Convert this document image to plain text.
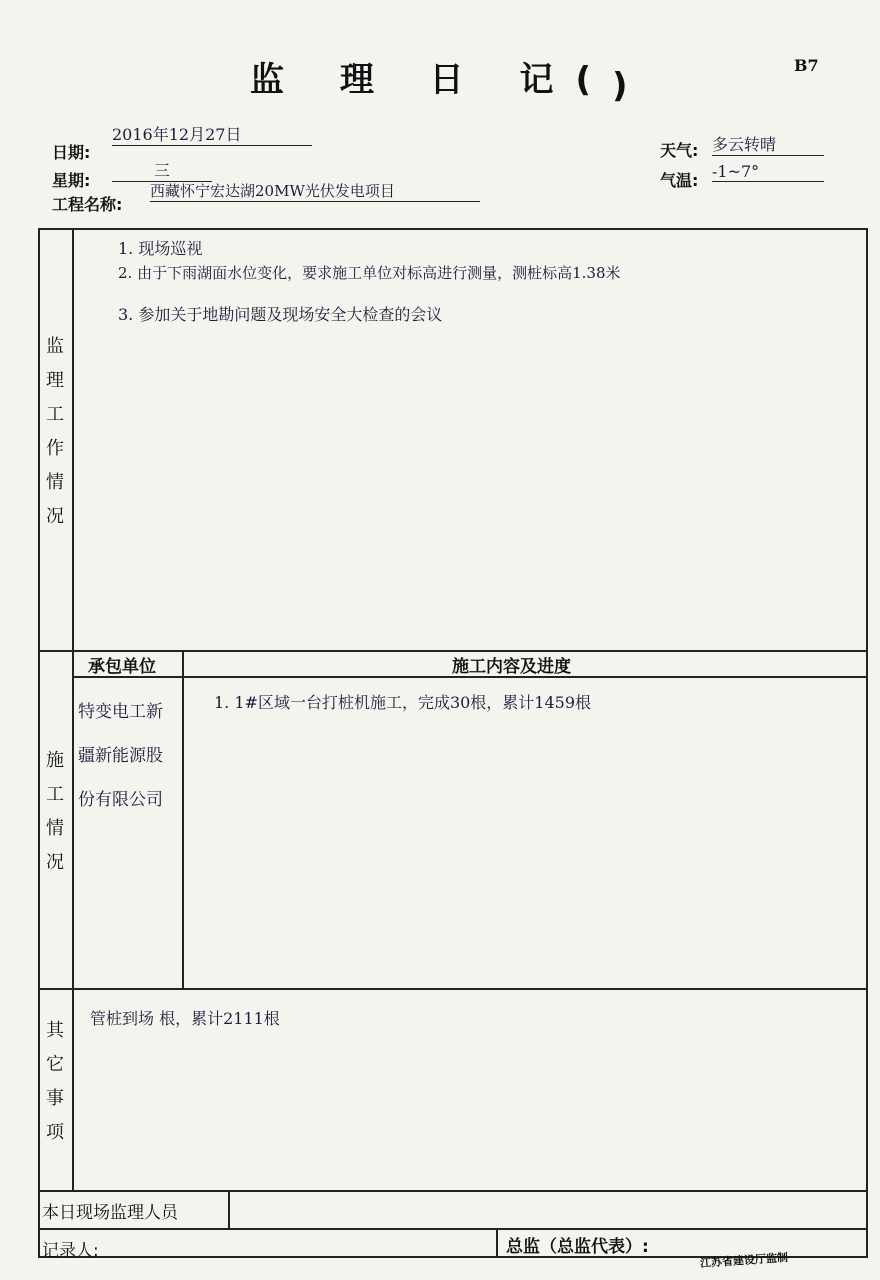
监 理 日 记(
)
B7
日期:
2016年12月27日
星期:
三
工程名称:
西藏怀宁宏达湖20MW光伏发电项目
天气: 多云转晴
气温: -1~7°
监理工作情况
1. 现场巡视
2. 由于下雨湖面水位变化，要求施工单位对标高进行测量，测桩标高1.38米
3. 参加关于地勘问题及现场安全大检查的会议
施工情况
承包单位	施工内容及进度
特变电工新疆新能源股份有限公司
1. 1#区域一台打桩机施工，完成30根，累计1459根
其它事项
管桩到场 根，累计2111根
本日现场监理人员
记录人:	总监（总监代表）:
江苏省建设厅监制
